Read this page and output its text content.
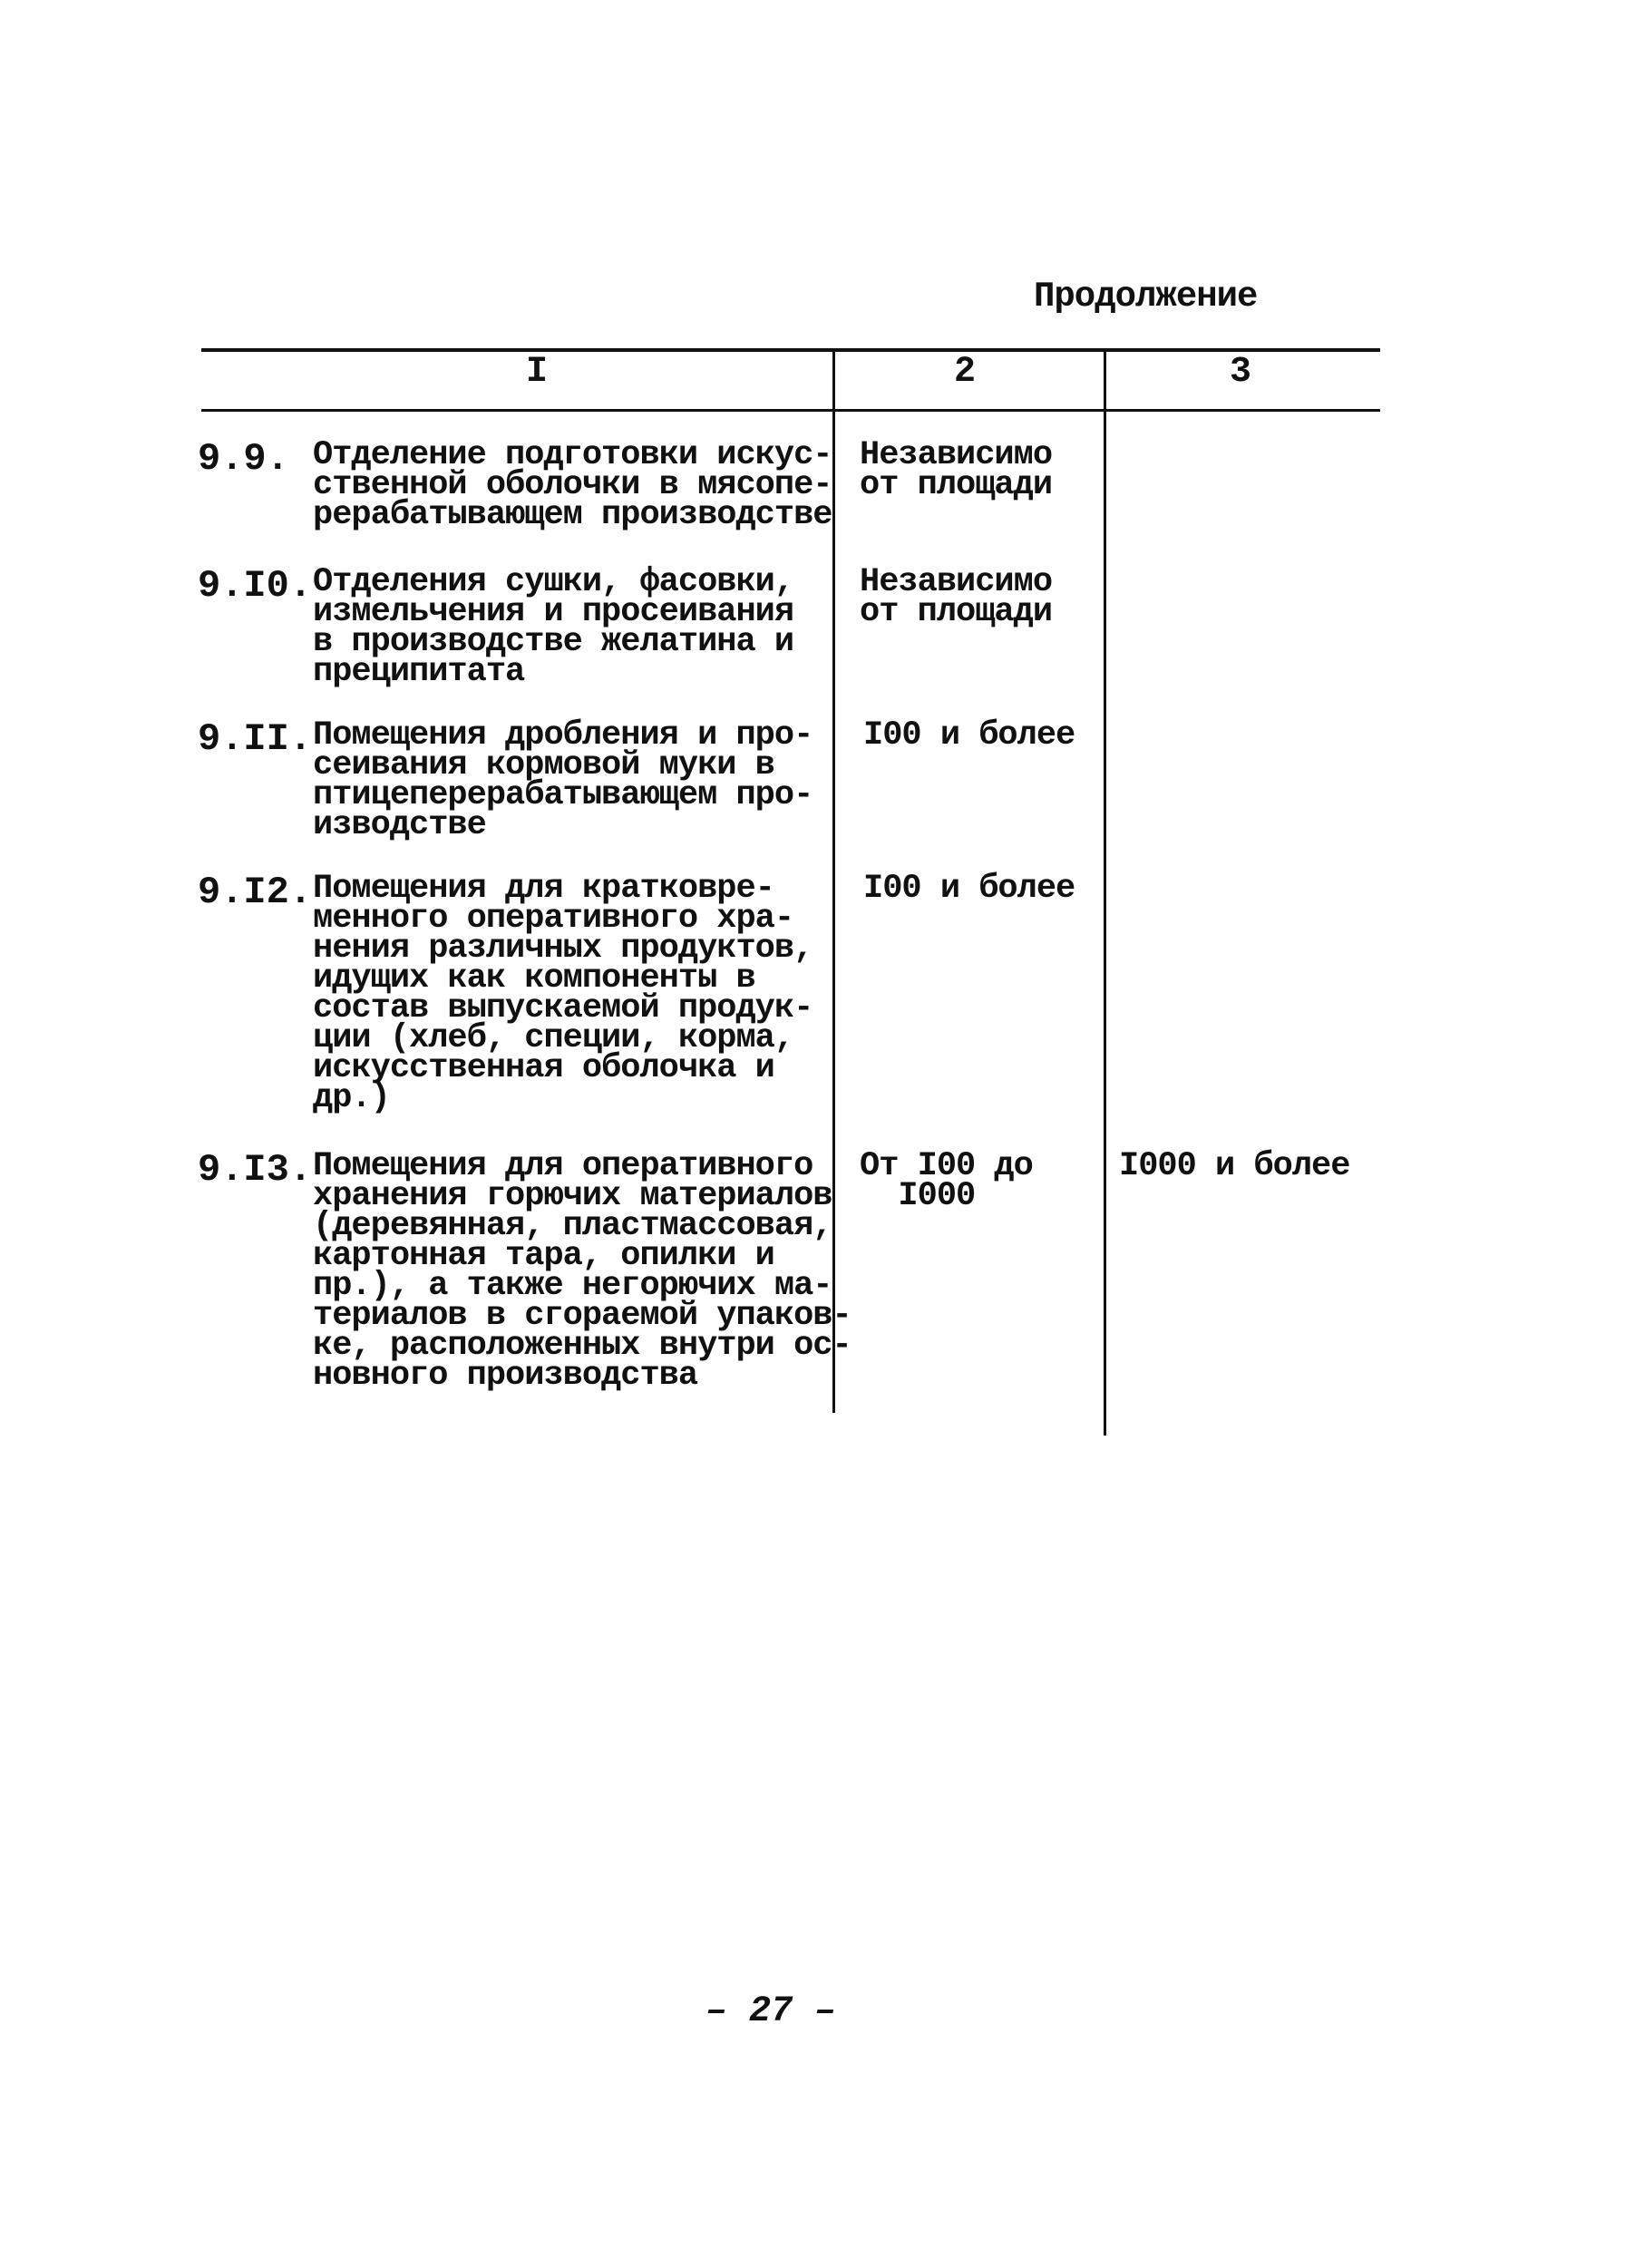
Продолжение
I	2	3
9.9. Отделение подготовки искус-
ственной оболочки в мясопе-
рерабатывающем производстве
Независимо
от площади
9.I0. Отделения сушки, фасовки,
измельчения и просеивания
в производстве желатина и
преципитата
Независимо
от площади
9.II. Помещения дробления и про-
сеивания кормовой муки в
птицеперерабатывающем про-
изводстве
I00 и более
9.I2. Помещения для кратковре-
менного оперативного хра-
нения различных продуктов,
идущих как компоненты в
состав выпускаемой продук-
ции (хлеб, специи, корма,
искусственная оболочка и
др.)
I00 и более
9.I3. Помещения для оперативного
хранения горючих материалов
(деревянная, пластмассовая,
картонная тара, опилки и
пр.), а также негорючих ма-
териалов в сгораемой упаков-
ке, расположенных внутри ос-
новного производства
От I00 до
I000
I000 и более
– 27 –
